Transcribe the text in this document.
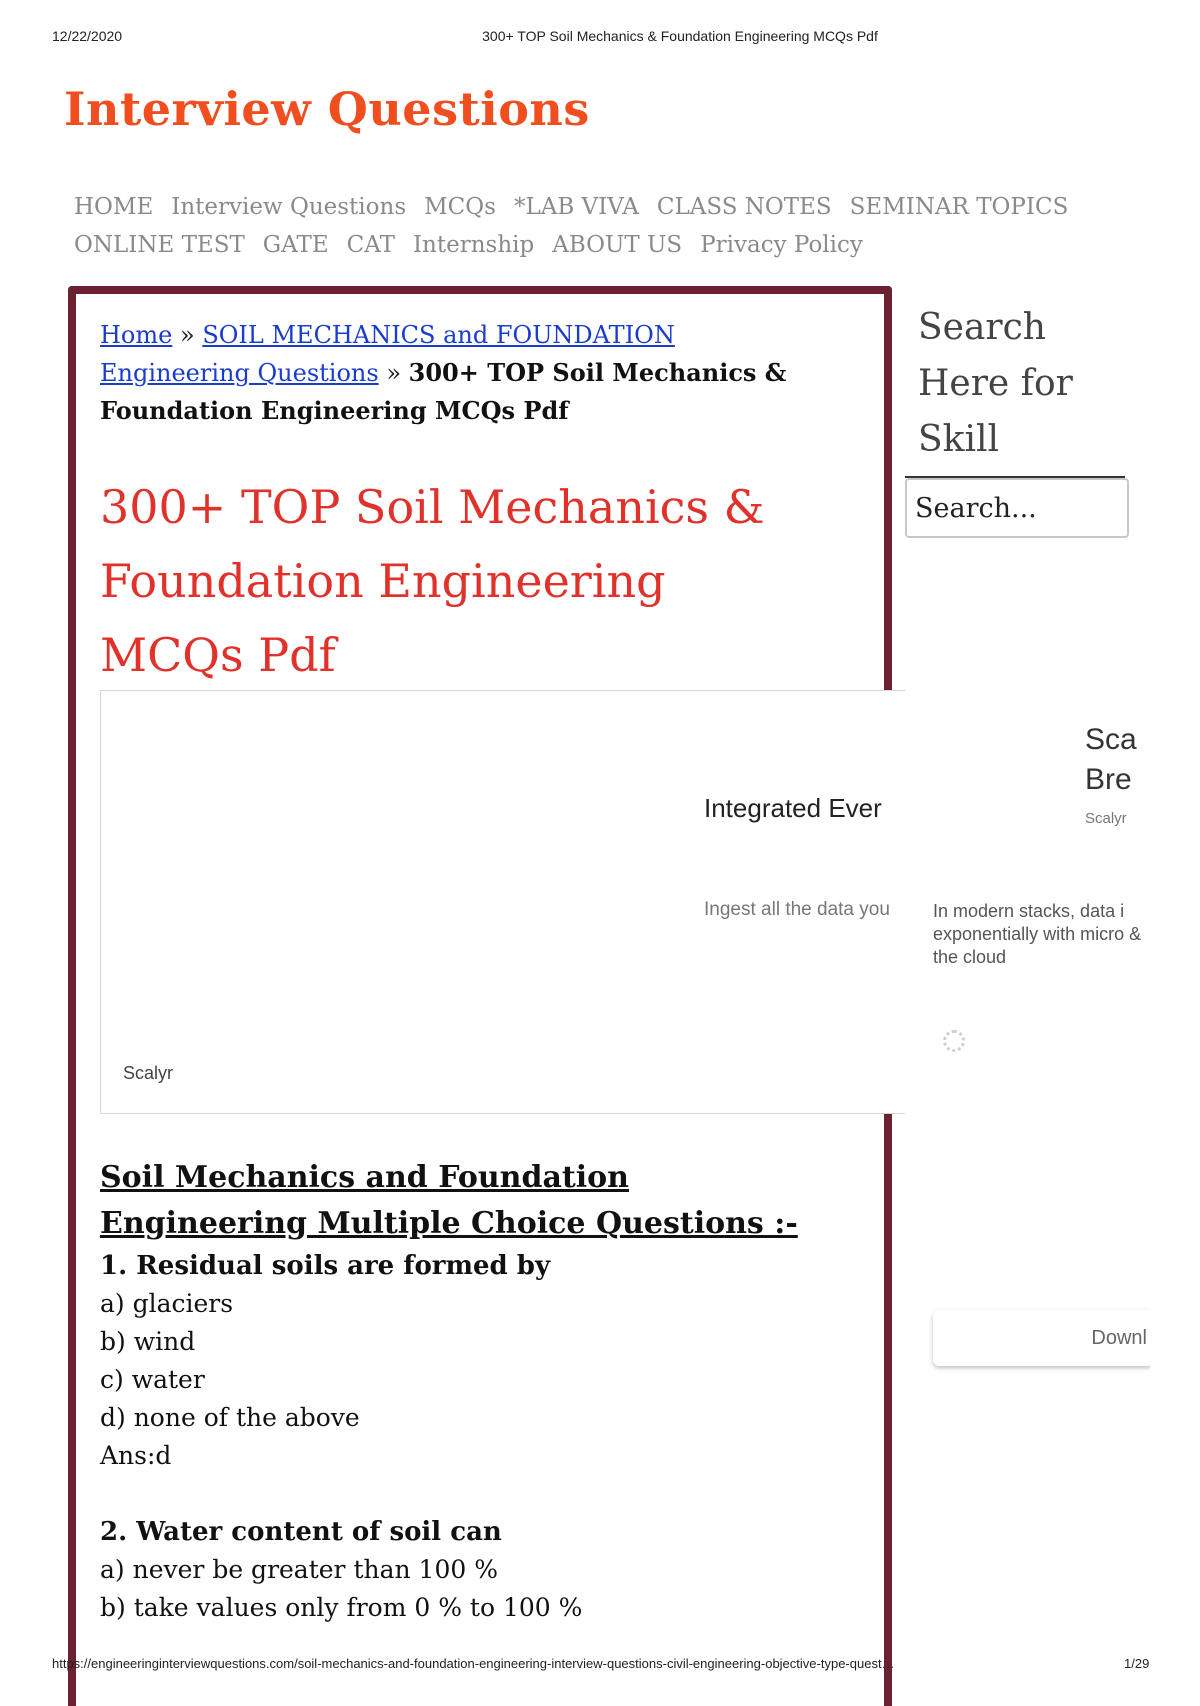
12/22/2020	300+ TOP Soil Mechanics & Foundation Engineering MCQs Pdf
Interview Questions
HOME Interview Questions MCQs *LAB VIVA CLASS NOTES SEMINAR TOPICS
ONLINE TEST GATE CAT Internship ABOUT US Privacy Policy
Home » SOIL MECHANICS and FOUNDATION Engineering Questions » 300+ TOP Soil Mechanics & Foundation Engineering MCQs Pdf
300+ TOP Soil Mechanics & Foundation Engineering MCQs Pdf
Integrated Ever
Ingest all the data you
Scalyr
Sca Bre
Scalyr
In modern stacks, data i exponentially with micro & the cloud
Downl
Search Here for Skill
Search...
Soil Mechanics and Foundation Engineering Multiple Choice Questions :-

1. Residual soils are formed by

a) glaciers

b) wind

c) water

d) none of the above

Ans:d

2. Water content of soil can

a) never be greater than 100 %

b) take values only from 0 % to 100 %

https://engineeringinterviewquestions.com/soil-mechanics-and-foundation-engineering-interview-questions-civil-engineering-objective-type-quest…	1/29
